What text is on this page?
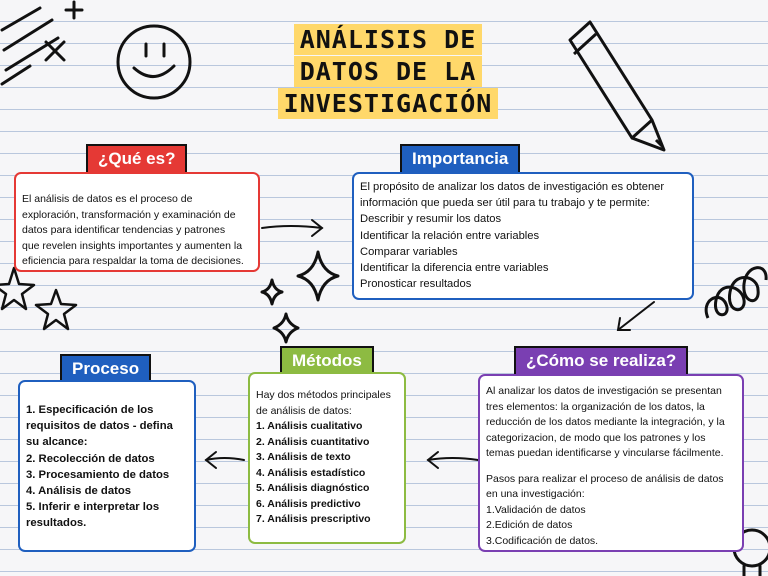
ANÁLISIS DE
DATOS DE LA
INVESTIGACIÓN
¿Qué es?
El análisis de datos es el proceso de
exploración, transformación y examinación de
datos para identificar tendencias y patrones
que revelen insights importantes y aumenten la
eficiencia para respaldar la toma de decisiones.
Importancia
El propósito de analizar los datos de investigación es obtener
información que pueda ser útil para tu trabajo y te permite:
Describir y resumir los datos
Identificar la relación entre variables
Comparar variables
Identificar la diferencia entre variables
Pronosticar resultados
¿Cómo se realiza?
Al analizar los datos de investigación se presentan
tres elementos: la organización de los datos, la
reducción de los datos mediante la integración, y la
categorizacion, de modo que los patrones y los
temas puedan identificarse y vincularse fácilmente.
Pasos para realizar el proceso de análisis de datos
en una investigación:
1.Validación de datos
2.Edición de datos
3.Codificación de datos.
Métodos
Hay dos métodos principales
de análisis de datos:
1. Análisis cualitativo
2. Análisis cuantitativo
3. Análisis de texto
4. Análisis estadístico
5. Análisis diagnóstico
6. Análisis predictivo
7. Análisis prescriptivo
Proceso
1. Especificación de los
requisitos de datos - defina
su alcance:
2. Recolección de datos
3. Procesamiento de datos
4. Análisis de datos
5. Inferir e interpretar los
resultados.
